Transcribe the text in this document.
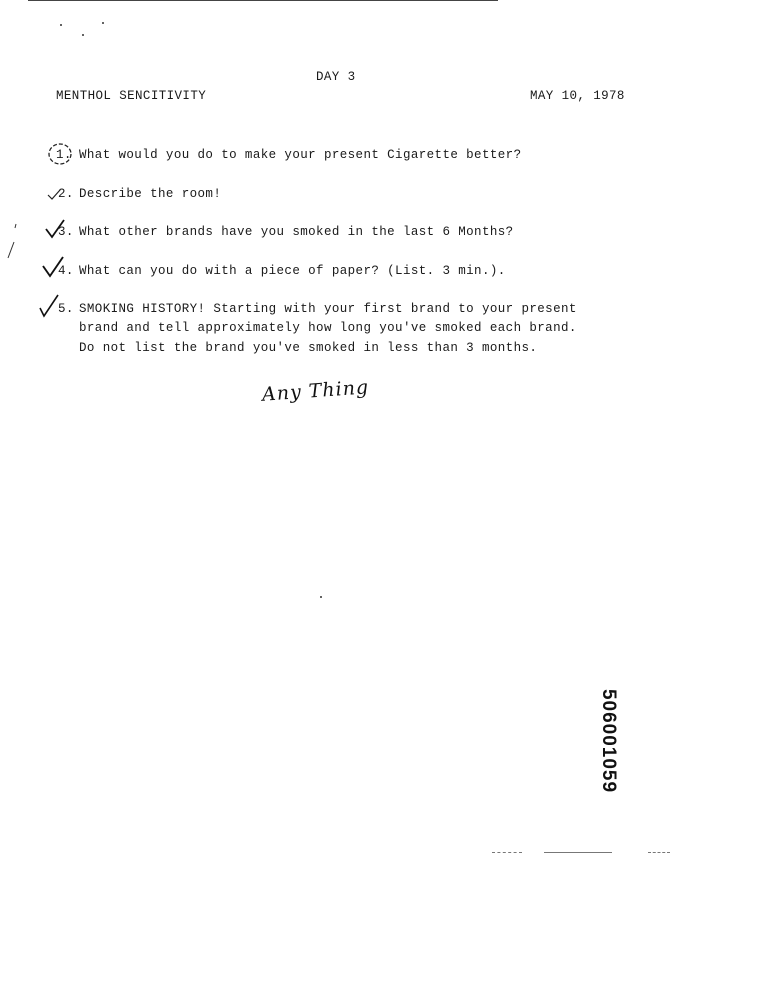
DAY 3
MENTHOL SENCITIVITY	MAY 10, 1978
1. What would you do to make your present Cigarette better?
2. Describe the room!
3. What other brands have you smoked in the last 6 Months?
4. What can you do with a piece of paper? (List. 3 min.).
5. SMOKING HISTORY! Starting with your first brand to your present
brand and tell approximately how long you've smoked each brand.
Do not list the brand you've smoked in less than 3 months.
Any Thing
506001059
